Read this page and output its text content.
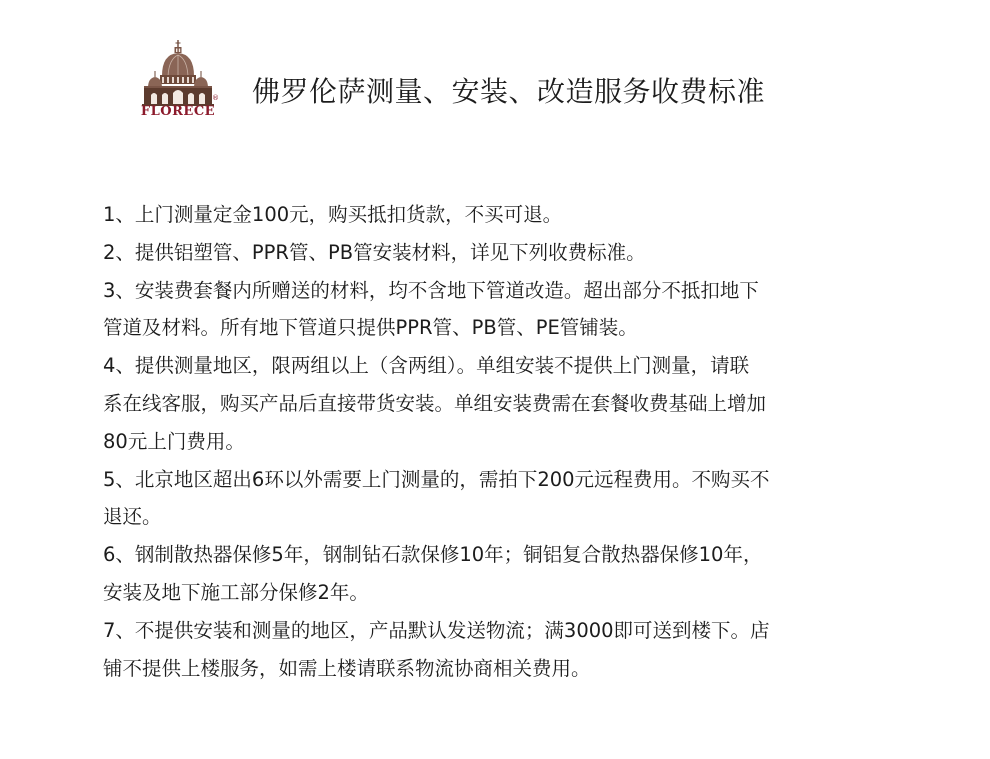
®
FLORECE
佛罗伦萨测量、安装、改造服务收费标准
1、上门测量定金100元，购买抵扣货款，不买可退。
2、提供铝塑管、PPR管、PB管安装材料，详见下列收费标准。
3、安装费套餐内所赠送的材料，均不含地下管道改造。超出部分不抵扣地下
管道及材料。所有地下管道只提供PPR管、PB管、PE管铺装。
4、提供测量地区，限两组以上（含两组）。单组安装不提供上门测量，请联
系在线客服，购买产品后直接带货安装。单组安装费需在套餐收费基础上增加
80元上门费用。
5、北京地区超出6环以外需要上门测量的，需拍下200元远程费用。不购买不
退还。
6、钢制散热器保修5年，钢制钻石款保修10年；铜铝复合散热器保修10年，
安装及地下施工部分保修2年。
7、不提供安装和测量的地区，产品默认发送物流；满3000即可送到楼下。店
铺不提供上楼服务，如需上楼请联系物流协商相关费用。
